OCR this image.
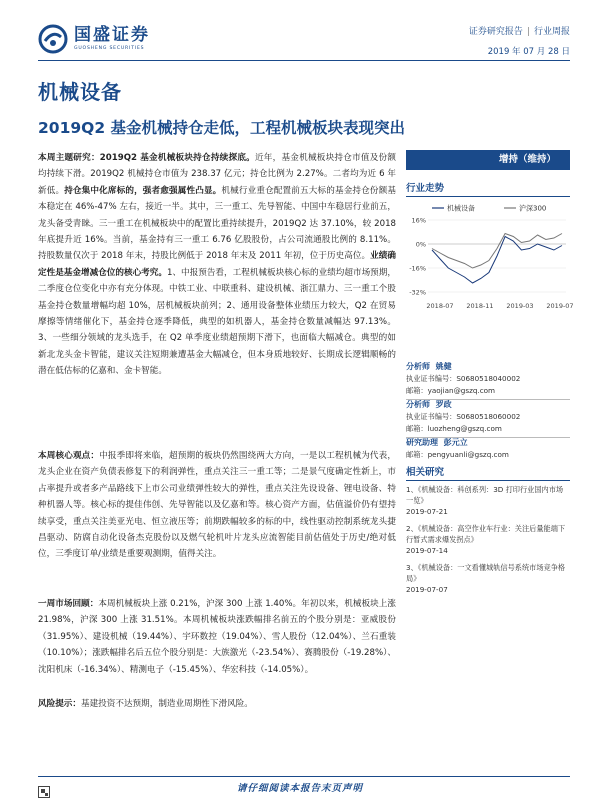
国盛证券
GUOSHENG SECURITIES
证券研究报告 | 行业周报
2019 年 07 月 28 日
机械设备
2019Q2 基金机械持仓走低，工程机械板块表现突出
本周主题研究：2019Q2 基金机械板块持仓持续探底。近年，基金机械板块持仓市值及份额均持续下滑。2019Q2 机械持仓市值为 238.37 亿元；持仓比例为 2.27%。二者均为近 6 年新低。持仓集中化席标的，强者愈强属性凸显。机械行业重仓配置前五大标的基金持仓份额基本稳定在 46%-47% 左右，接近一半。其中，三一重工、先导智能、中国中车稳居行业前五，龙头备受青睐。三一重工在机械板块中的配置比重持续提升，2019Q2 达 37.10%，较 2018 年底提升近 16%。当前，基金持有三一重工 6.76 亿股股份，占公司流通股比例的 8.11%。持股数量仅次于 2018 年末，持股比例低于 2018 年末及 2011 年初，位于历史高位。业绩确定性是基金增减仓位的核心考究。1、中报预告看，工程机械板块核心标的业绩均超市场预期，二季度仓位变化中亦有充分体现。中铁工业、中联重科、建设机械、浙江鼎力、三一重工个股基金持仓数量增幅均超 10%，居机械板块前列；2、通用设备整体业绩压力较大，Q2 在贸易摩擦等情绪催化下，基金持仓逐季降低，典型的如机器人，基金持仓数量减幅达 97.13%。3、一些细分领域的龙头选手，在 Q2 单季度业绩超预期下滑下，也面临大幅减仓。典型的如新北龙头金卡智能，建议关注短期兼遭基金大幅减仓，但本身质地较好、长期成长逻辑顺畅的潜在低估标的亿嘉和、金卡智能。
本周核心观点：中报季即将来临，超预期的板块仍然围绕两大方向，一是以工程机械为代表，龙头企业在资产负债表修复下的利润弹性，重点关注三一重工等；二是景气度确定性新上，市占率提升或者多产品路线下上市公司业绩弹性较大的弹性，重点关注先设设备、锂电设备、特种机器人等。核心标的提佳伟创、先导智能以及亿嘉和等。核心资产方面，估值溢价仍有望持续享受，重点关注美亚光电、恒立液压等；前期跌幅较多的标的中，线性驱动控制系统龙头捷昌驱动、防腐自动化设备杰克股份以及燃气轮机叶片龙头应流智能目前估值处于历史/绝对低位，三季度订单/业绩是重要观测期，值得关注。
一周市场回顾：本周机械板块上涨 0.21%，沪深 300 上涨 1.40%。年初以来，机械板块上涨 21.98%，沪深 300 上涨 31.51%。本周机械板块涨跌幅排名前五的个股分别是：亚威股份（31.95%）、建设机械（19.44%）、宇环数控（19.04%）、雪人股份（12.04%）、兰石重装（10.10%）；涨跌幅排名后五位个股分别是：大族激光（-23.54%）、赛腾股份（-19.28%）、沈阳机床（-16.34%）、精测电子（-15.45%）、华宏科技（-14.05%）。
风险提示：基建投资不达预期，制造业周期性下滑风险。
增持（维持）
行业走势
16%
0%
-16%
-32%
2018-07 2018-11 2019-03 2019-07
机械设备	沪深300
分析师 姚健
执业证书编号：S0680518040002
邮箱：yaojian@gszq.com
分析师 罗政
执业证书编号：S0680518060002
邮箱：luozheng@gszq.com
研究助理 彭元立
邮箱：pengyuanli@gszq.com
相关研究
1、《机械设备：科创系列：3D 打印行业国内市场一览》
2019-07-21
2、《机械设备：高空作业车行业：关注后量能端下行暂式需求爆发拐点》
2019-07-14
3、《机械设备：一文看懂城轨信号系统市场竞争格局》
2019-07-07
请仔细阅读本报告末页声明
